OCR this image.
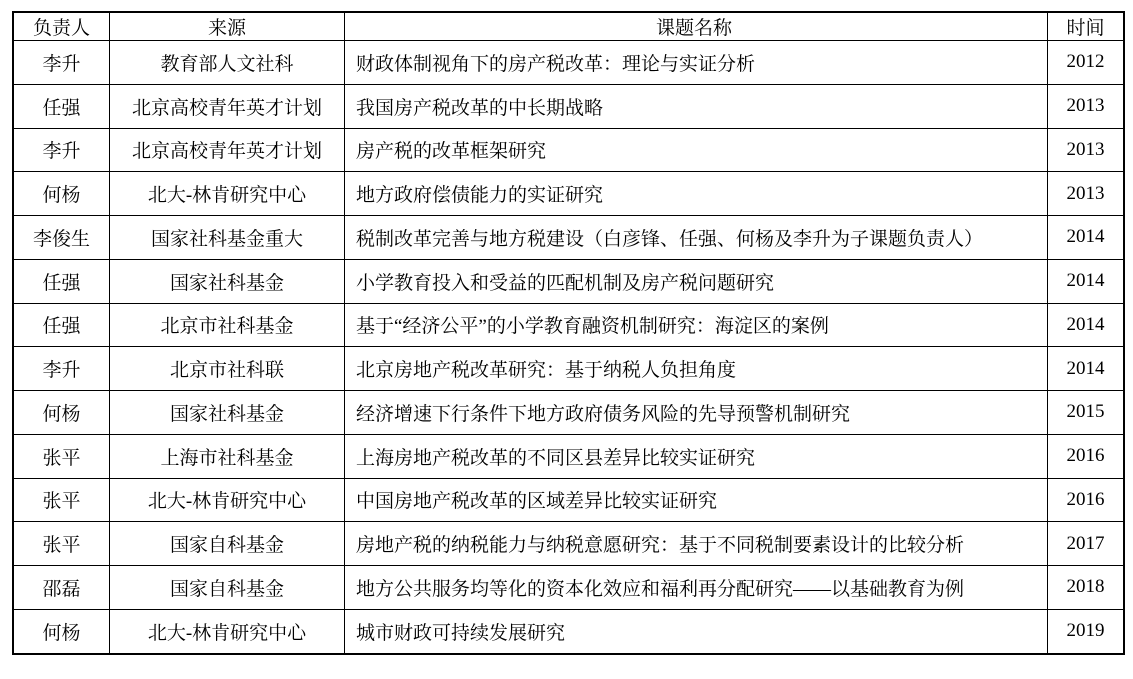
负责人	来源	课题名称	时间
李升	教育部人文社科	财政体制视角下的房产税改革：理论与实证分析	2012
任强	北京高校青年英才计划	我国房产税改革的中长期战略	2013
李升	北京高校青年英才计划	房产税的改革框架研究	2013
何杨	北大-林肯研究中心	地方政府偿债能力的实证研究	2013
李俊生	国家社科基金重大	税制改革完善与地方税建设（白彦锋、任强、何杨及李升为子课题负责人）	2014
任强	国家社科基金	小学教育投入和受益的匹配机制及房产税问题研究	2014
任强	北京市社科基金	基于“经济公平”的小学教育融资机制研究：海淀区的案例	2014
李升	北京市社科联	北京房地产税改革研究：基于纳税人负担角度	2014
何杨	国家社科基金	经济增速下行条件下地方政府债务风险的先导预警机制研究	2015
张平	上海市社科基金	上海房地产税改革的不同区县差异比较实证研究	2016
张平	北大-林肯研究中心	中国房地产税改革的区域差异比较实证研究	2016
张平	国家自科基金	房地产税的纳税能力与纳税意愿研究：基于不同税制要素设计的比较分析	2017
邵磊	国家自科基金	地方公共服务均等化的资本化效应和福利再分配研究——以基础教育为例	2018
何杨	北大-林肯研究中心	城市财政可持续发展研究	2019
